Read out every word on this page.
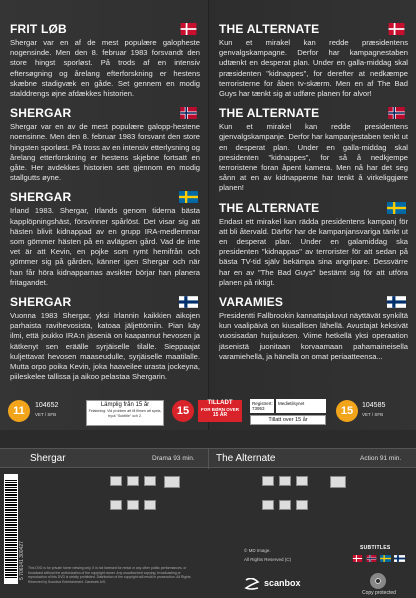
FRIT LØB

Shergar var en af de mest populære galopheste nogensinde. Men den 8. februar 1983 forsvandt den store hingst sporløst. På trods af en intensiv eftersøgning og årelang efterforskning er hestens skæbne stadigvæk en gåde. Set gennem en modig stalddrengs øjne afdækkes historien.

SHERGAR

Shergar var en av de mest populære galopp-hestene noensinne. Men den 8. februar 1983 forsvant den store hingsten sporløst. På tross av en intensiv etterlysning og årelang etterforskning er hestens skjebne fortsatt en gåte. Her avdekkes historien sett gjennom en modig stallgutts øyne.

SHERGAR

Irland 1983. Shergar, Irlands genom tiderna bästa kapplöpningshäst, försvinner spårlöst. Det visar sig att hästen blivit kidnappad av en grupp IRA-medlemmar som gömmer hästen på en avlägsen gård. Vad de inte vet är att Kevin, en pojke som rymt hemifrån och gömmer sig på gården, känner igen Shergar och när han får höra kidnapparnas avsikter börjar han planera fritagandet.

SHERGAR

Vuonna 1983 Shergar, yksi Irlannin kaikkien aikojen parhaista ravihevosista, katoaa jäljettömiin. Pian käy ilmi, että joukko IRA:n jäseniä on kaapannut hevosen ja kätkenyt sen eräälle syrjäiselle tilalle. Sieppaajat kuljettavat hevosen maaseudulle, syrjäiselle maatilalle. Mutta orpo poika Kevin, joka haaveilee urasta jockeyna, piileskelee tallissa ja aikoo pelastaa Shergarin.

THE ALTERNATE

Kun et mirakel kan redde præsidentens genvalgskampagne. Derfor har kampagnestaben udtænkt en desperat plan. Under en galla-middag skal præsidenten "kidnappes", for derefter at nedkæmpe terroristerne for åben tv-skærm. Men en af The Bad Guys har tænkt sig at udføre planen for alvor!

THE ALTERNATE

Kun et mirakel kan redde presidentens gjenvalgskampanje. Derfor har kampanjestaben tenkt ut en desperat plan. Under en galla-middag skal presidenten "kidnappes", for så å nedkjempe terroristene foran åpent kamera. Men nå har det seg sånn at en av kidnapperne har tenkt å virkeliggjøre planen!

THE ALTERNATE

Endast ett mirakel kan rädda presidentens kampanj för att bli återvald. Därför har de kampanjansvariga tänkt ut en desperat plan. Under en galamiddag ska presidenten "kidnappas" av terrorister för att sedan på bästa TV-tid själv bekämpa sina angripare. Dessvärre har en av "The Bad Guys" bestämt sig för att utföra planen på riktigt.

VARAMIES

Presidentti Fallbrookin kannattajaluvut näyttävät synkiltä kun vaalipäivä on kiusallisen lähellä. Avustajat keksivät vuosisadan huijauksen. Viime hetkellä yksi operaation jäsenistä juonitaan korvaamaan pahamaineisella varamiehellä, ja hänellä on omat periaatteensa...

11	104652
VET / SFB
Lämplig från 15 år
Felaktning: Vid problem att få filmen att spela, tryck "Subtitle" och 2.	15
TILLADT
FOR BØRN OVER
15 ÅR
Registrert:
73953
Medietilsynet
Tillatt over 15 år
15	104585
VET / SFB
Shergar	Drama 93 min. The Alternate	Action 91 min.
5 706141 300427 This DVD is for private home viewing only. It is not licensed for rental or any other public performances, or broadcast without the authorization of the copyright owner. Any unauthorized copying, broadcasting or reproduction of this DVD is strictly prohibited. Distribution of the copyright will result in prosecution. All Rights Reserved by Scanbox Entertainment. Danmark A/S.
SUBTITLES
© MD Image.
All Rights Reserved (C)
scanbox
Copy protected
